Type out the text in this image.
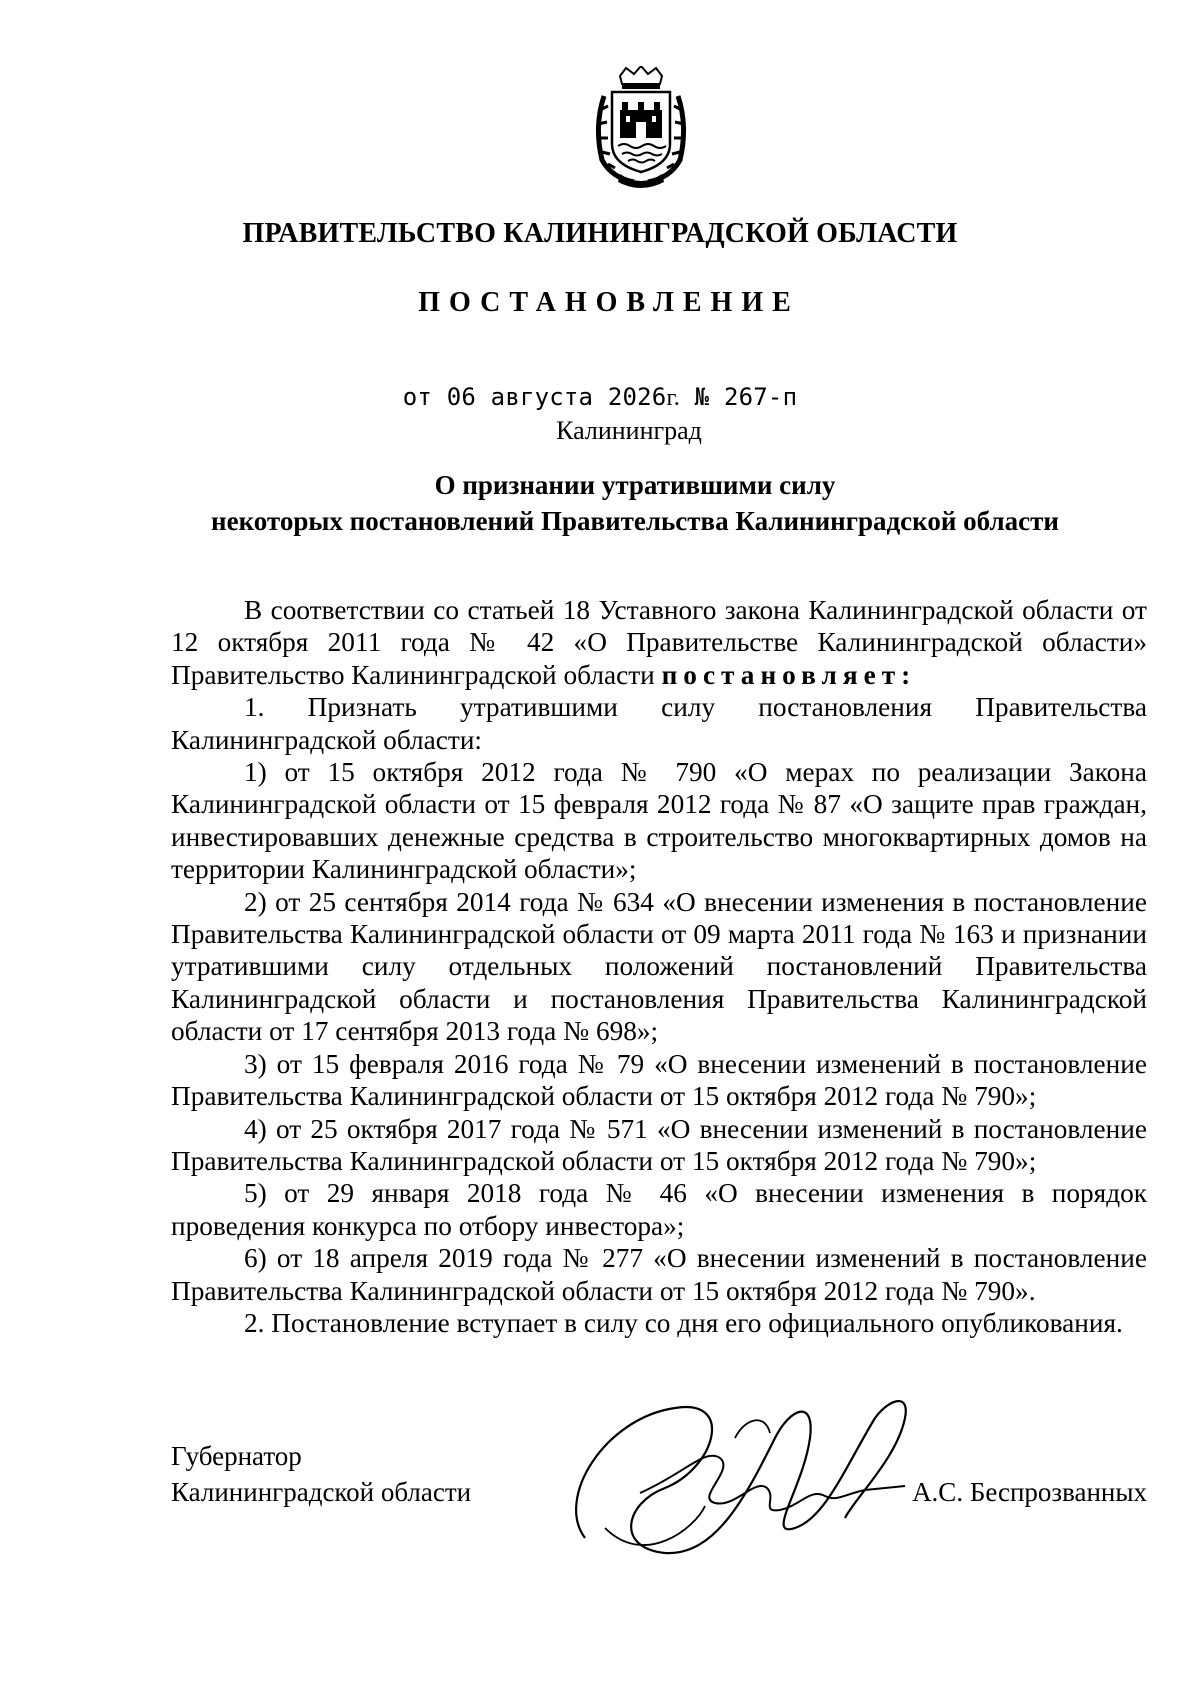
ПРАВИТЕЛЬСТВО КАЛИНИНГРАДСКОЙ ОБЛАСТИ
ПОСТАНОВЛЕНИЕ
от 06 августа 2026г. № 267-п
Калининград
О признании утратившими силу
некоторых постановлений Правительства Калининградской области

В соответствии со статьей 18 Уставного закона Калининградской области от 12 октября 2011 года № 42 «О Правительстве Калининградской области» Правительство Калининградской области постановляет:

1. Признать утратившими силу постановления Правительства Калининградской области:

1) от 15 октября 2012 года № 790 «О мерах по реализации Закона Калининградской области от 15 февраля 2012 года № 87 «О защите прав граждан, инвестировавших денежные средства в строительство многоквартирных домов на территории Калининградской области»;

2) от 25 сентября 2014 года № 634 «О внесении изменения в постановление Правительства Калининградской области от 09 марта 2011 года № 163 и признании утратившими силу отдельных положений постановлений Правительства Калининградской области и постановления Правительства Калининградской области от 17 сентября 2013 года № 698»;

3) от 15 февраля 2016 года № 79 «О внесении изменений в постановление Правительства Калининградской области от 15 октября 2012 года № 790»;

4) от 25 октября 2017 года № 571 «О внесении изменений в постановление Правительства Калининградской области от 15 октября 2012 года № 790»;

5) от 29 января 2018 года № 46 «О внесении изменения в порядок проведения конкурса по отбору инвестора»;

6) от 18 апреля 2019 года № 277 «О внесении изменений в постановление Правительства Калининградской области от 15 октября 2012 года № 790».

2. Постановление вступает в силу со дня его официального опубликования.

Губернатор
Калининградской области	А.С. Беспрозванных
